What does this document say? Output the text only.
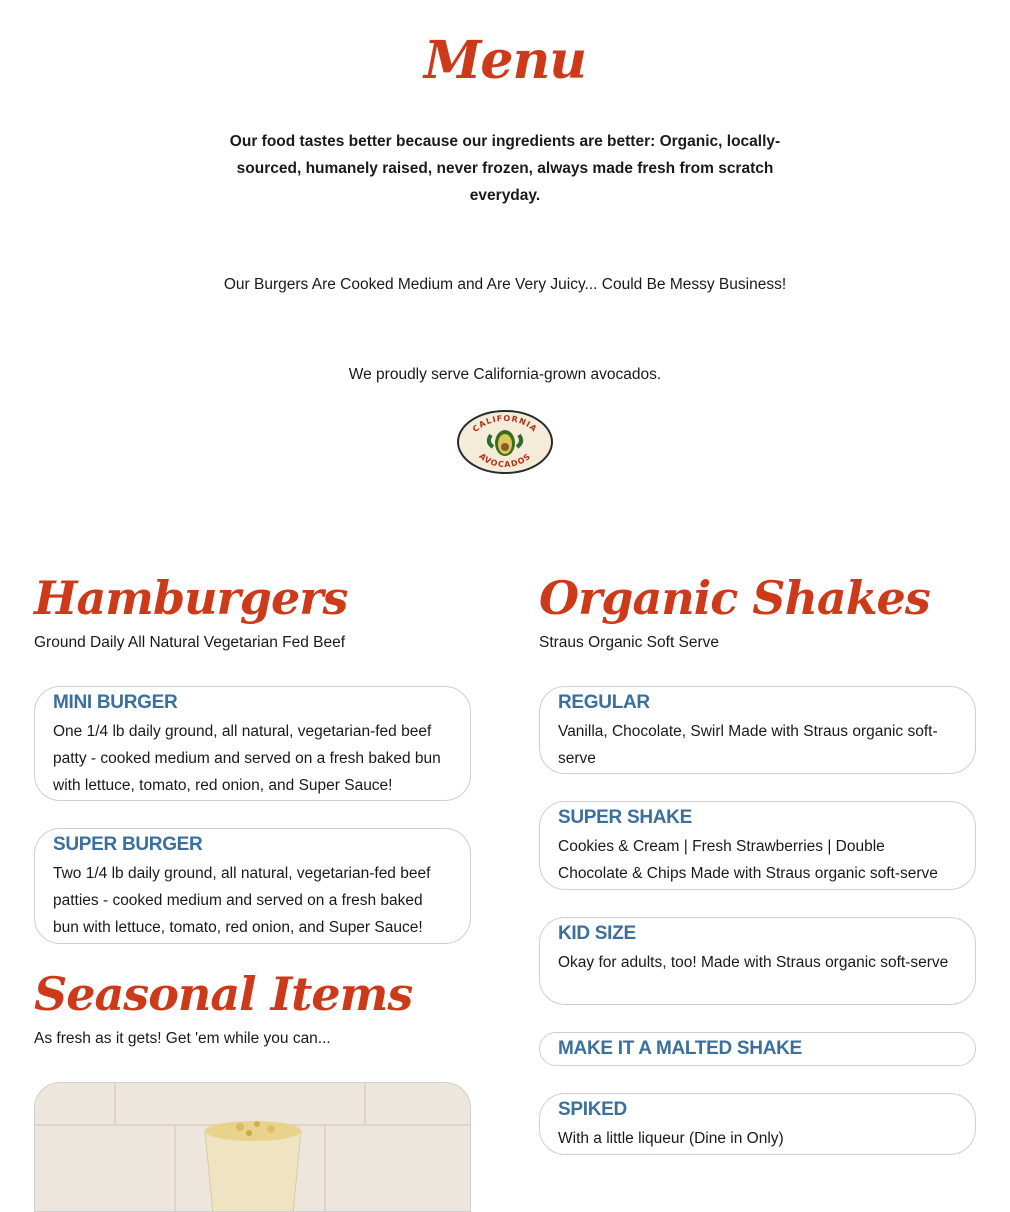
Menu

Our food tastes better because our ingredients are better: Organic, locally-sourced, humanely raised, never frozen, always made fresh from scratch everyday.

Our Burgers Are Cooked Medium and Are Very Juicy... Could Be Messy Business!

We proudly serve California-grown avocados.

CALIFORNIA
AVOCADOS
Hamburgers

Ground Daily All Natural Vegetarian Fed Beef

MINI BURGER

One 1/4 lb daily ground, all natural, vegetarian-fed beef patty - cooked medium and served on a fresh baked bun with lettuce, tomato, red onion, and Super Sauce!

SUPER BURGER

Two 1/4 lb daily ground, all natural, vegetarian-fed beef patties - cooked medium and served on a fresh baked bun with lettuce, tomato, red onion, and Super Sauce!

Seasonal Items

As fresh as it gets! Get 'em while you can...

Organic Shakes

Straus Organic Soft Serve

REGULAR

Vanilla, Chocolate, Swirl Made with Straus organic soft-serve

SUPER SHAKE

Cookies & Cream | Fresh Strawberries | Double Chocolate & Chips Made with Straus organic soft-serve

KID SIZE

Okay for adults, too! Made with Straus organic soft-serve

MAKE IT A MALTED SHAKE

SPIKED

With a little liqueur (Dine in Only)
